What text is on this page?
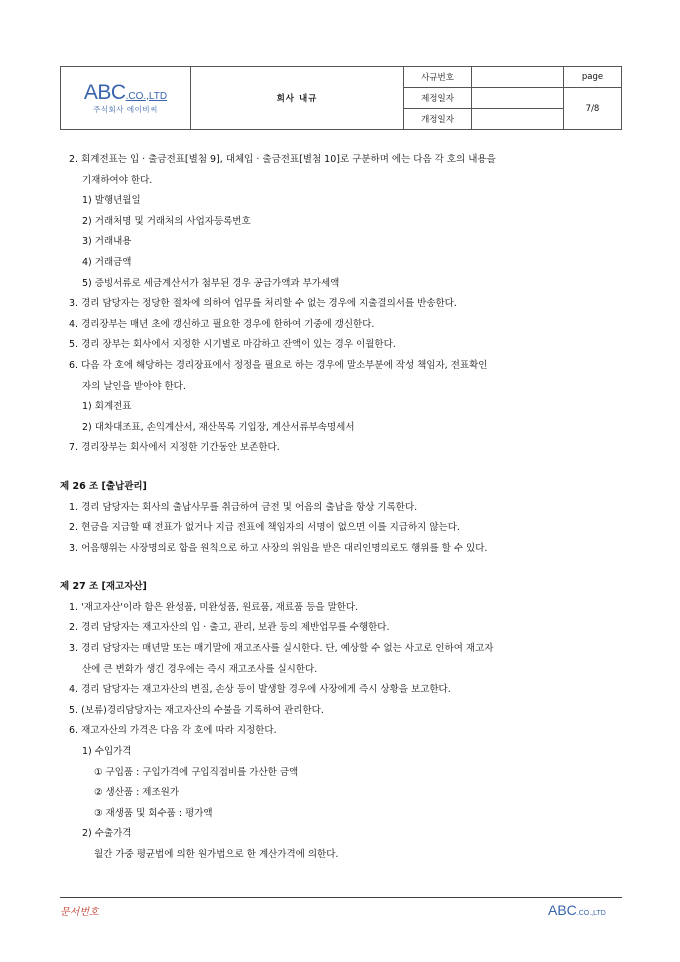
ABC.CO.,LTD
주식회사 에이비씨	회사 내규	사규번호		page
		제정일자		7/8
		개정일자		
2. 회계전표는 입 · 출금전표[별첨 9], 대체입 · 출금전표[별첨 10]로 구분하며 에는 다음 각 호의 내용을
기재하여야 한다.
1) 발행년월일
2) 거래처명 및 거래처의 사업자등록번호
3) 거래내용
4) 거래금액
5) 증빙서류로 세금계산서가 첨부된 경우 공급가액과 부가세액
3. 경리 담당자는 정당한 절차에 의하여 업무를 처리할 수 없는 경우에 지출결의서를 반송한다.
4. 경리장부는 매년 초에 갱신하고 필요한 경우에 한하여 기중에 갱신한다.
5. 경리 장부는 회사에서 지정한 시기별로 마감하고 잔액이 있는 경우 이월한다.
6. 다음 각 호에 해당하는 경리장표에서 정정을 필요로 하는 경우에 말소부분에 작성 책임자, 전표확인
자의 날인을 받아야 한다.
1) 회계전표
2) 대차대조표, 손익계산서, 재산목록 기입장, 계산서류부속명세서
7. 경리장부는 회사에서 지정한 기간동안 보존한다.
제 26 조 [출납관리]
1. 경리 담당자는 회사의 출납사무를 취급하여 금전 및 어음의 출납을 항상 기록한다.
2. 현금을 지급할 때 전표가 없거나 지급 전표에 책임자의 서명이 없으면 이를 지급하지 않는다.
3. 어음행위는 사장명의로 함을 원칙으로 하고 사장의 위임을 받은 대리인명의로도 행위를 할 수 있다.
제 27 조 [재고자산]
1. '재고자산'이라 함은 완성품, 미완성품, 원료품, 재료품 등을 말한다.
2. 경리 담당자는 재고자산의 입 · 출고, 관리, 보관 등의 제반업무를 수행한다.
3. 경리 담당자는 매년말 또는 매기말에 재고조사를 실시한다. 단, 예상할 수 없는 사고로 인하여 재고자
산에 큰 변화가 생긴 경우에는 즉시 재고조사를 실시한다.
4. 경리 담당자는 재고자산의 변질, 손상 등이 발생할 경우에 사장에게 즉시 상황을 보고한다.
5. (보류)경리담당자는 재고자산의 수불을 기록하여 관리한다.
6. 재고자산의 가격은 다음 각 호에 따라 지정한다.
1) 수입가격
① 구입품 : 구입가격에 구입직접비를 가산한 금액
② 생산품 : 제조원가
③ 재생품 및 회수품 : 평가액
2) 수출가격
월간 가중 평균법에 의한 원가법으로 한 계산가격에 의한다.
문서번호	ABC.CO.,LTD
